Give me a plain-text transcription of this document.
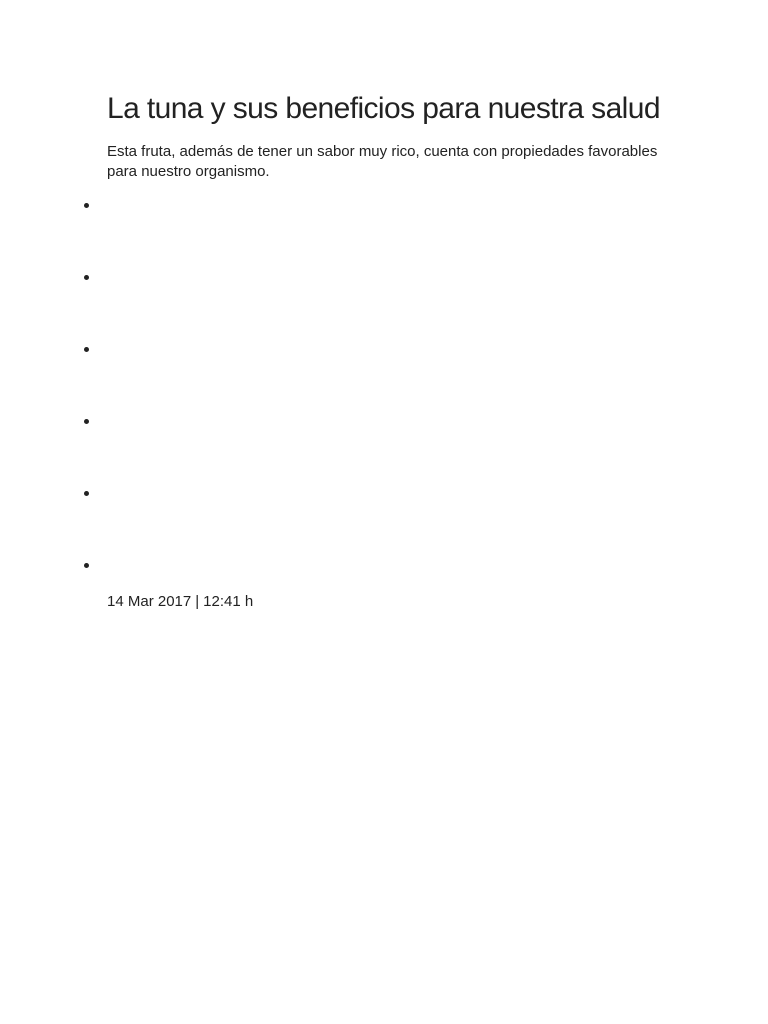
La tuna y sus beneficios para nuestra salud

Esta fruta, además de tener un sabor muy rico, cuenta con propiedades favorables para nuestro organismo.

14 Mar 2017 | 12:41 h
